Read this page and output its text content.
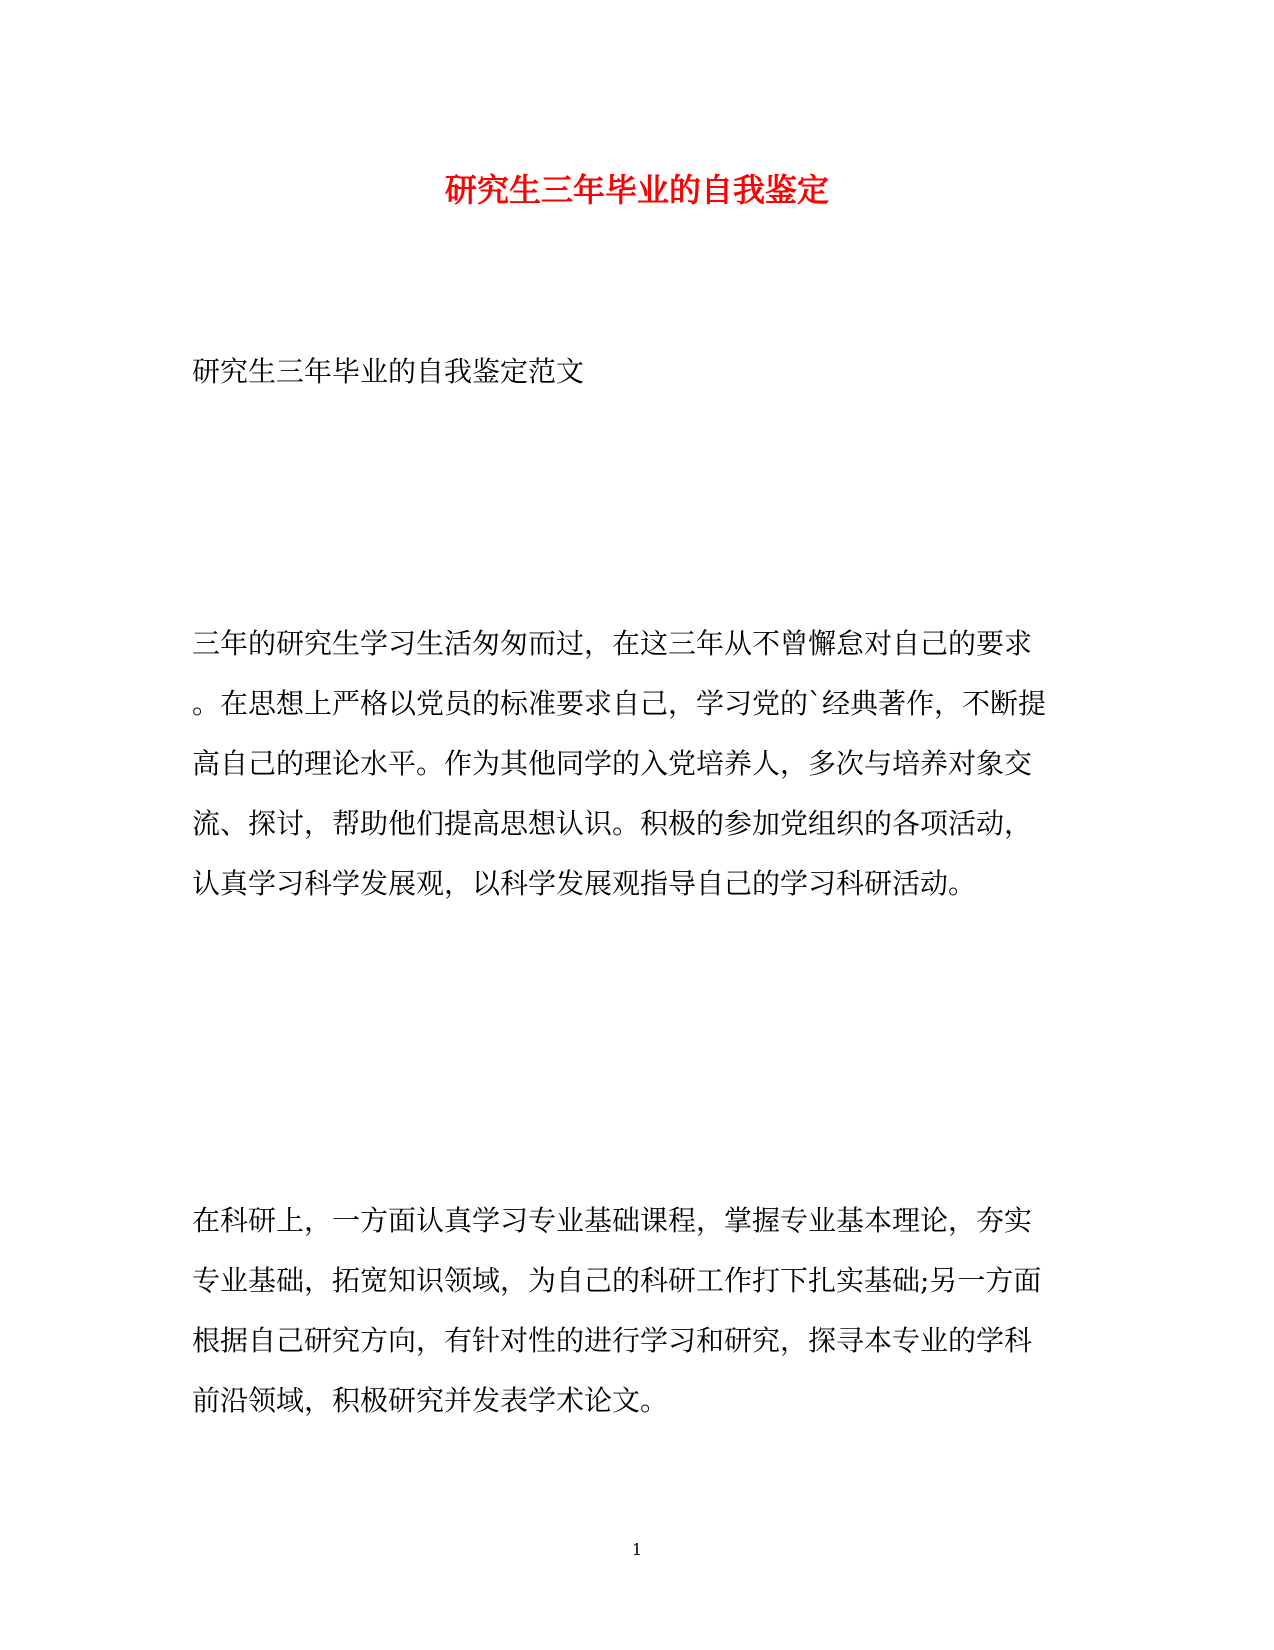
研究生三年毕业的自我鉴定
研究生三年毕业的自我鉴定范文
三年的研究生学习生活匆匆而过，在这三年从不曾懈怠对自己的要求
。在思想上严格以党员的标准要求自己，学习党的`经典著作，不断提
高自己的理论水平。作为其他同学的入党培养人，多次与培养对象交
流、探讨，帮助他们提高思想认识。积极的参加党组织的各项活动，
认真学习科学发展观，以科学发展观指导自己的学习科研活动。
在科研上，一方面认真学习专业基础课程，掌握专业基本理论，夯实
专业基础，拓宽知识领域，为自己的科研工作打下扎实基础;另一方面
根据自己研究方向，有针对性的进行学习和研究，探寻本专业的学科
前沿领域，积极研究并发表学术论文。
1
